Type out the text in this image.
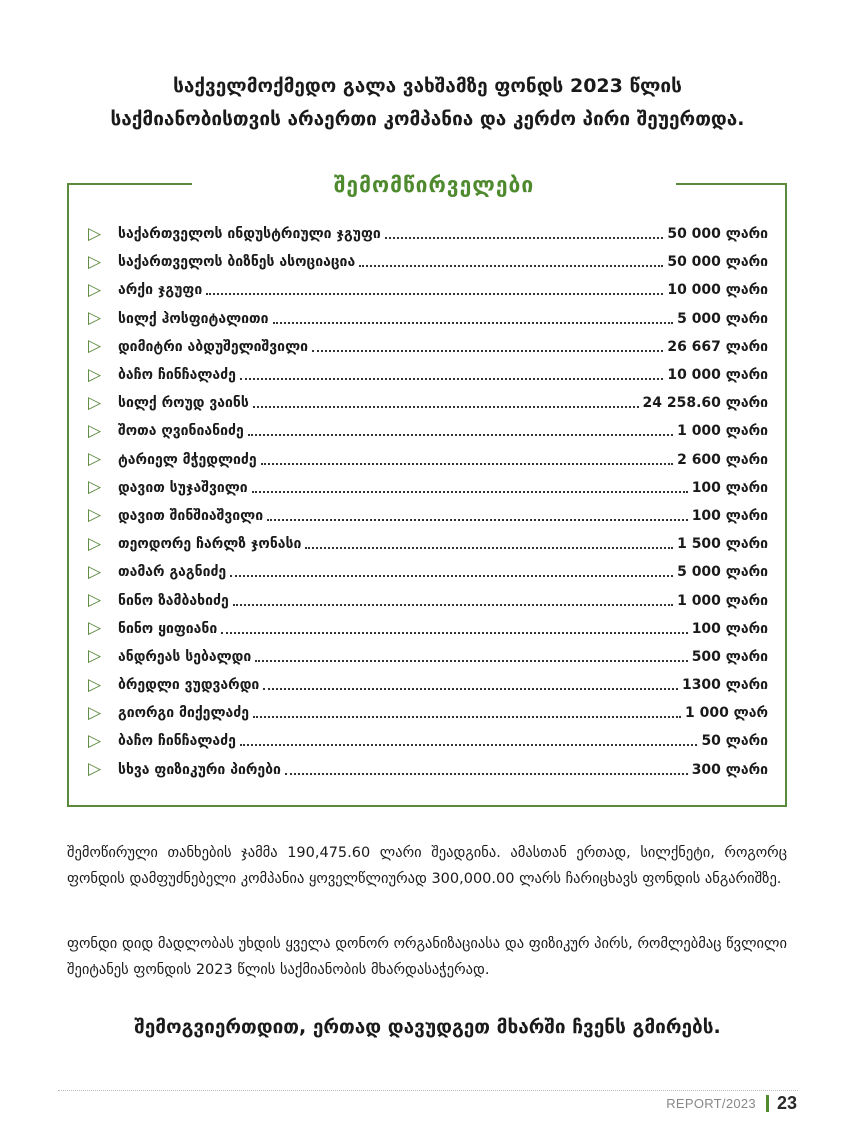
საქველმოქმედო გალა ვახშამზე ფონდს 2023 წლის
საქმიანობისთვის არაერთი კომპანია და კერძო პირი შეუერთდა.
შემომწირველები
▷	საქართველოს ინდუსტრიული ჯგუფი	50 000 ლარი
▷	საქართველოს ბიზნეს ასოციაცია	50 000 ლარი
▷	არქი ჯგუფი	10 000 ლარი
▷	სილქ ჰოსფიტალითი	5 000 ლარი
▷	დიმიტრი აბდუშელიშვილი	26 667 ლარი
▷	ბაჩო ჩინჩალაძე	10 000 ლარი
▷	სილქ როუდ ვაინს	24 258.60 ლარი
▷	შოთა ღვინიანიძე	1 000 ლარი
▷	ტარიელ მჭედლიძე	2 600 ლარი
▷	დავით სუჯაშვილი	100 ლარი
▷	დავით შინშიაშვილი	100 ლარი
▷	თეოდორე ჩარლზ ჯონასი	1 500 ლარი
▷	თამარ გაგნიძე	5 000 ლარი
▷	ნინო ზამბახიძე	1 000 ლარი
▷	ნინო ყიფიანი	100 ლარი
▷	ანდრეას სებალდი	500 ლარი
▷	ბრედლი ვუდვარდი	1300 ლარი
▷	გიორგი მიქელაძე	1 000 ლარ
▷	ბაჩო ჩინჩალაძე	50 ლარი
▷	სხვა ფიზიკური პირები	300 ლარი
შემოწირული თანხების ჯამმა 190,475.60 ლარი შეადგინა. ამასთან ერთად, სილქნეტი, როგორც ფონდის დამფუძნებელი კომპანია ყოველწლიურად 300,000.00 ლარს ჩარიცხავს ფონდის ანგარიშზე.
ფონდი დიდ მადლობას უხდის ყველა დონორ ორგანიზაციასა და ფიზიკურ პირს, რომლებმაც წვლილი შეიტანეს ფონდის 2023 წლის საქმიანობის მხარდასაჭერად.
შემოგვიერთდით, ერთად დავუდგეთ მხარში ჩვენს გმირებს.
REPORT/2023 23
